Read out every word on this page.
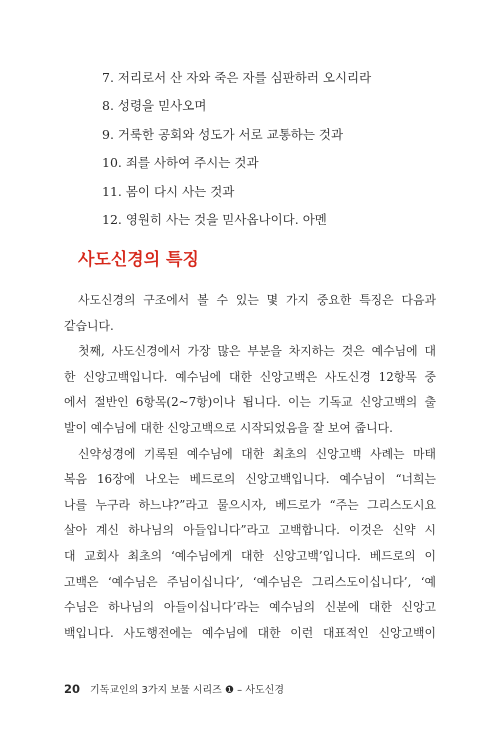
7. 저리로서 산 자와 죽은 자를 심판하러 오시리라
8. 성령을 믿사오며
9. 거룩한 공회와 성도가 서로 교통하는 것과
10. 죄를 사하여 주시는 것과
11. 몸이 다시 사는 것과
12. 영원히 사는 것을 믿사옵나이다. 아멘
사도신경의 특징

사도신경의 구조에서 볼 수 있는 몇 가지 중요한 특징은 다음과

같습니다.

첫째, 사도신경에서 가장 많은 부분을 차지하는 것은 예수님에 대

한 신앙고백입니다. 예수님에 대한 신앙고백은 사도신경 12항목 중

에서 절반인 6항목(2~7항)이나 됩니다. 이는 기독교 신앙고백의 출

발이 예수님에 대한 신앙고백으로 시작되었음을 잘 보여 줍니다.

신약성경에 기록된 예수님에 대한 최초의 신앙고백 사례는 마태

복음 16장에 나오는 베드로의 신앙고백입니다. 예수님이 “너희는

나를 누구라 하느냐?”라고 물으시자, 베드로가 “주는 그리스도시요

살아 계신 하나님의 아들입니다”라고 고백합니다. 이것은 신약 시

대 교회사 최초의 ‘예수님에게 대한 신앙고백’입니다. 베드로의 이

고백은 ‘예수님은 주님이십니다’, ‘예수님은 그리스도이십니다’, ‘예

수님은 하나님의 아들이십니다’라는 예수님의 신분에 대한 신앙고

백입니다. 사도행전에는 예수님에 대한 이런 대표적인 신앙고백이

20 기독교인의 3가지 보물 시리즈 ❶ – 사도신경
